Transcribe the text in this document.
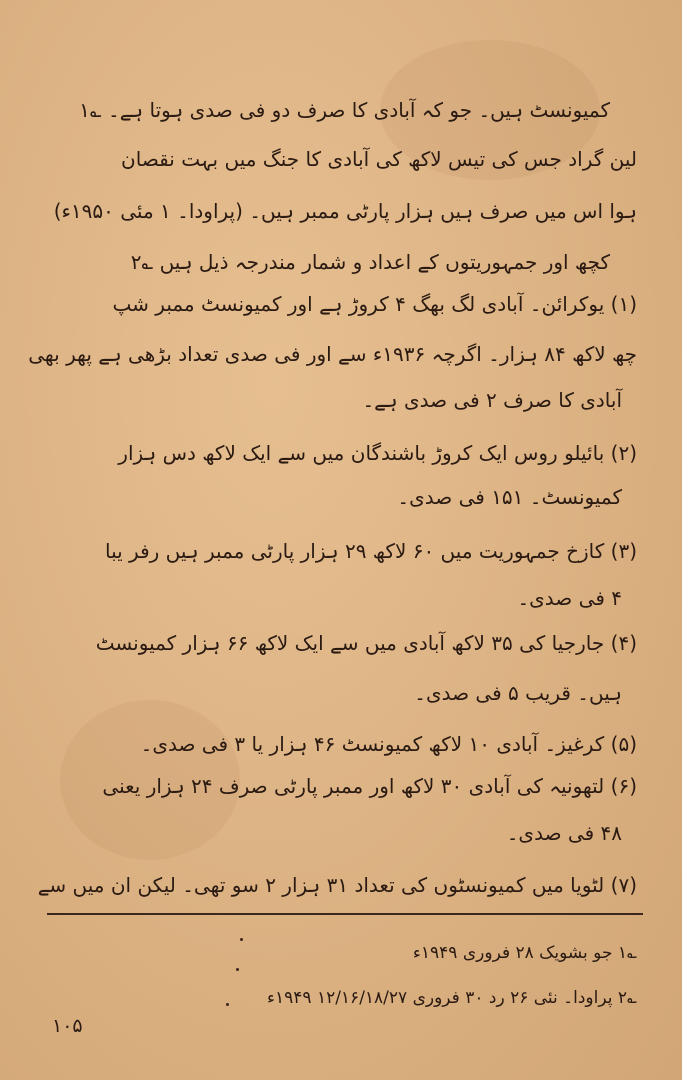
کمیونسٹ ہیں۔ جو کہ آبادی کا صرف دو فی صدی ہوتا ہے۔ ؎۱
لین گراد جس کی تیس لاکھ کی آبادی کا جنگ میں بہت نقصان
ہوا اس میں صرف ہیں ہزار پارٹی ممبر ہیں۔ (پراودا۔ ۱ مئی ۱۹۵۰ء)
کچھ اور جمہوریتوں کے اعداد و شمار مندرجہ ذیل ہیں ؎۲
(۱) یوکرائن۔ آبادی لگ بھگ ۴ کروڑ ہے اور کمیونسٹ ممبر شپ
چھ لاکھ ۸۴ ہزار۔ اگرچہ ۱۹۳۶ء سے اور فی صدی تعداد بڑھی ہے پھر بھی
آبادی کا صرف ۲ فی صدی ہے۔
(۲) بائیلو روس ایک کروڑ باشندگان میں سے ایک لاکھ دس ہزار
کمیونسٹ۔ ۱۵۱ فی صدی۔
(۳) کازخ جمہوریت میں ۶۰ لاکھ ۲۹ ہزار پارٹی ممبر ہیں رفر یبا
۴ فی صدی۔
(۴) جارجیا کی ۳۵ لاکھ آبادی میں سے ایک لاکھ ۶۶ ہزار کمیونسٹ
ہیں۔ قریب ۵ فی صدی۔
(۵) کرغیز۔ آبادی ۱۰ لاکھ کمیونسٹ ۴۶ ہزار یا ۳ فی صدی۔
(۶) لتھونیہ کی آبادی ۳۰ لاکھ اور ممبر پارٹی صرف ۲۴ ہزار یعنی
۴۸ فی صدی۔
(۷) لٹویا میں کمیونسٹوں کی تعداد ۳۱ ہزار ۲ سو تھی۔ لیکن ان میں سے
؎۱ جو بشویک ۲۸ فروری ۱۹۴۹ء
؎۲ پراودا۔ نئی ۲۶ رد ۳۰ فروری ۱۲/۱۶/۱۸/۲۷ ۱۹۴۹ء
۱۰۵
